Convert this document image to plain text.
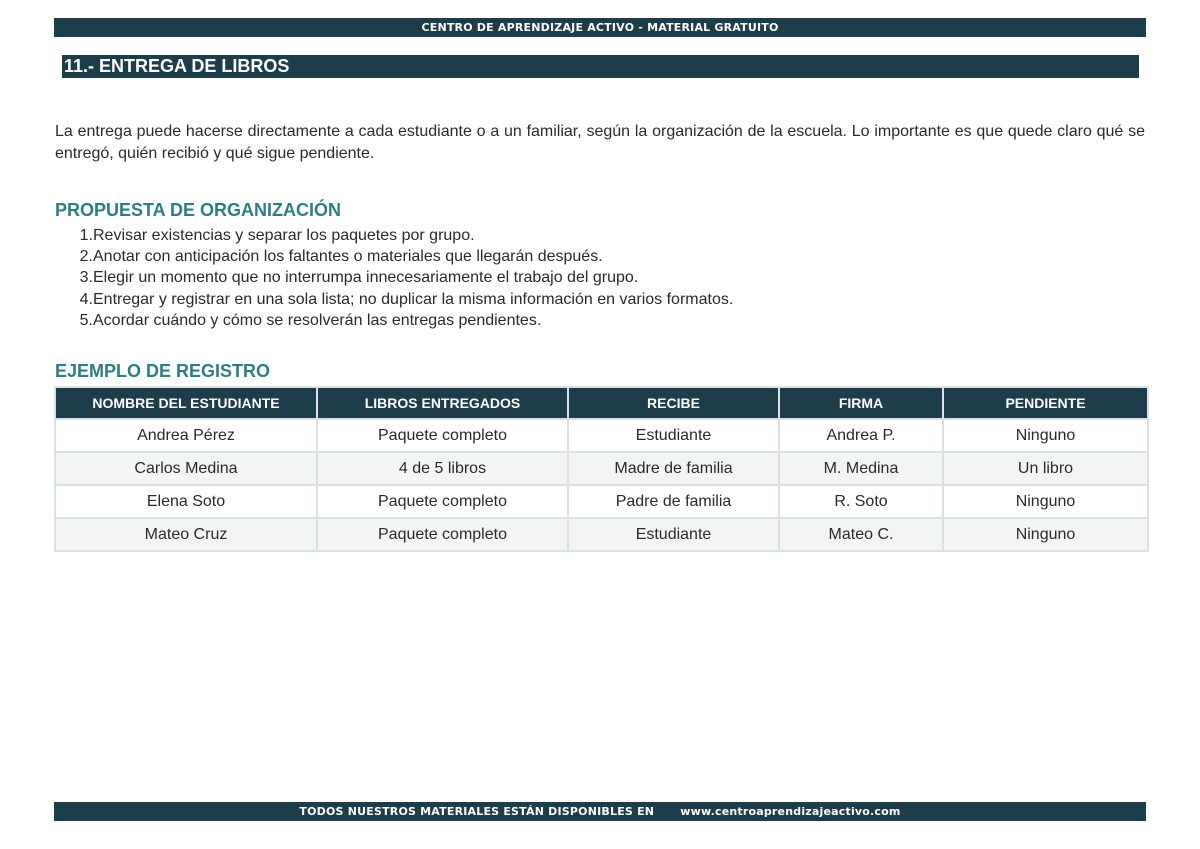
CENTRO DE APRENDIZAJE ACTIVO - MATERIAL GRATUITO
11.- ENTREGA DE LIBROS
La entrega puede hacerse directamente a cada estudiante o a un familiar, según la organización de la escuela. Lo importante es que quede claro qué se entregó, quién recibió y qué sigue pendiente.
PROPUESTA DE ORGANIZACIÓN
1. Revisar existencias y separar los paquetes por grupo.
2. Anotar con anticipación los faltantes o materiales que llegarán después.
3. Elegir un momento que no interrumpa innecesariamente el trabajo del grupo.
4. Entregar y registrar en una sola lista; no duplicar la misma información en varios formatos.
5. Acordar cuándo y cómo se resolverán las entregas pendientes.
EJEMPLO DE REGISTRO
NOMBRE DEL ESTUDIANTE	LIBROS ENTREGADOS	RECIBE	FIRMA	PENDIENTE
Andrea Pérez	Paquete completo	Estudiante	Andrea P.	Ninguno
Carlos Medina	4 de 5 libros	Madre de familia	M. Medina	Un libro
Elena Soto	Paquete completo	Padre de familia	R. Soto	Ninguno
Mateo Cruz	Paquete completo	Estudiante	Mateo C.	Ninguno
TODOS NUESTROS MATERIALES ESTÁN DISPONIBLES EN www.centroaprendizajeactivo.com
